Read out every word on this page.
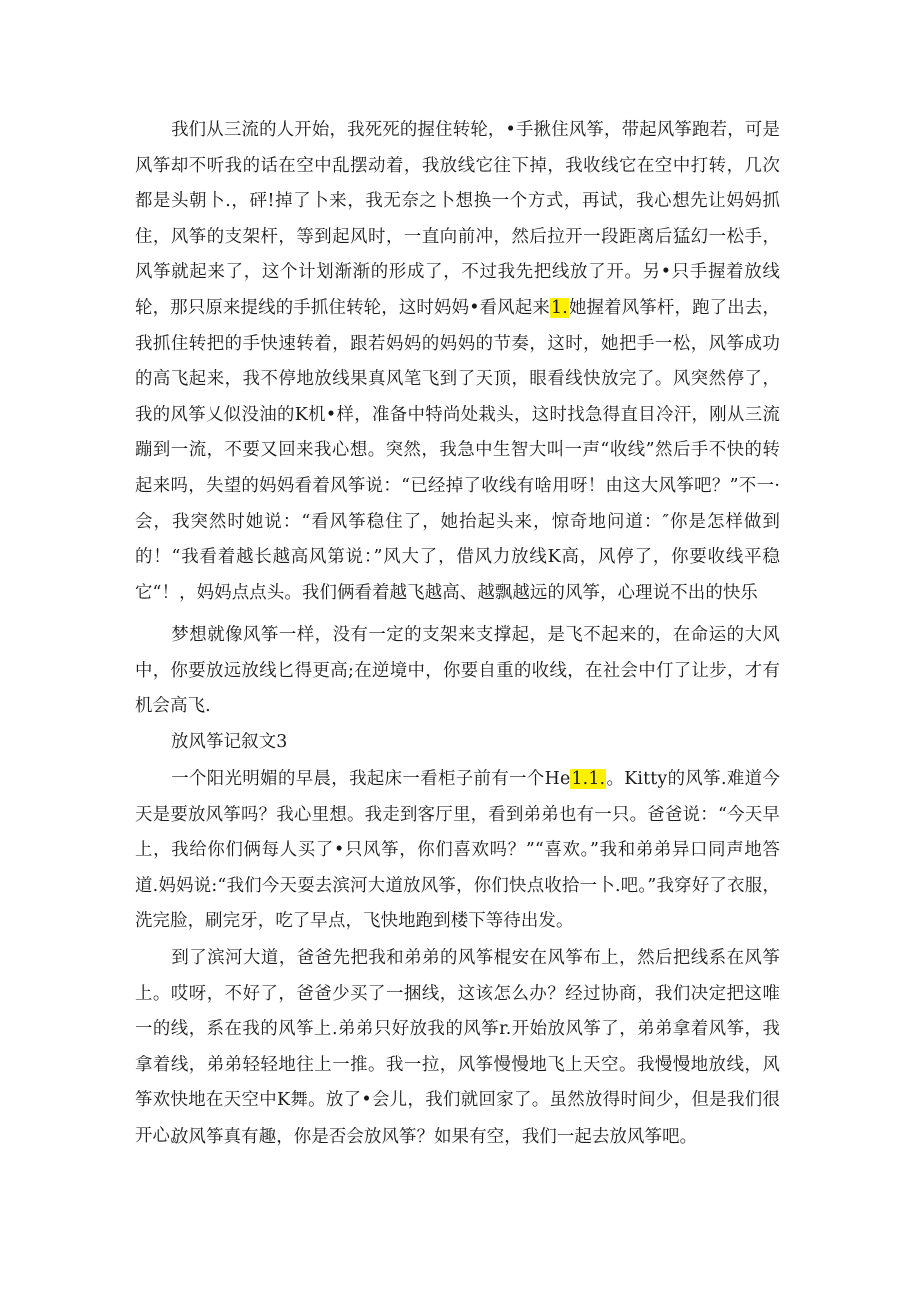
我们从三流的人开始，我死死的握住转轮，•手揪住风筝，带起风筝跑若，可是风筝却不听我的话在空中乱摆动着，我放线它往下掉，我收线它在空中打转，几次都是头朝卜.，砰!掉了卜来，我无奈之卜想换一个方式，再试，我心想先让妈妈抓住，风筝的支架杆，等到起风时，一直向前冲，然后拉开一段距离后猛幻一松手，风筝就起来了，这个计划渐渐的形成了，不过我先把线放了开。另•只手握着放线轮，那只原来提线的手抓住转轮，这时妈妈•看风起来1.她握着风筝杆，跑了出去，我抓住转把的手快速转着，跟若妈妈的妈妈的节奏，这时，她把手一松，风筝成功的高飞起来，我不停地放线果真风笔飞到了天顶，眼看线快放完了。风突然停了，我的风筝乂似没油的K机•样，准备中特尚处栽头，这时找急得直目冷汗，刚从三流蹦到一流，不要又回来我心想。突然，我急中生智大叫一声“收线”然后手不快的转起来吗，失望的妈妈看着风筝说：“已经掉了收线有啥用呀！由这大风筝吧？”不一·会，我突然时她说：“看风筝稳住了，她抬起头来，惊奇地问道：″你是怎样做到的！“我看着越长越高风第说：”风大了，借风力放线K高，风停了，你要收线平稳它“！，妈妈点点头。我们俩看着越飞越高、越飘越远的风筝，心理说不出的快乐

梦想就像风筝一样，没有一定的支架来支撑起，是飞不起来的，在命运的大风中，你要放远放线匕得更高;在逆境中，你要自重的收线，在社会中仃了让步，才有机会高飞.

放风筝记叙文3

一个阳光明媚的早晨，我起床一看柜子前有一个He1.1.。Kitty的风筝.难道今天是要放风筝吗？我心里想。我走到客厅里，看到弟弟也有一只。爸爸说：“今天早上，我给你们俩每人买了•只风筝，你们喜欢吗？”“喜欢。”我和弟弟异口同声地答道.妈妈说:“我们今天耍去滨河大道放风筝，你们快点收拾一卜.吧。”我穿好了衣服，洗完脸，刷完牙，吃了早点，飞快地跑到楼下等待出发。

到了滨河大道，爸爸先把我和弟弟的风筝棍安在风筝布上，然后把线系在风筝上。哎呀，不好了，爸爸少买了一捆线，这该怎么办？经过协商，我们决定把这唯一的线，系在我的风筝上.弟弟只好放我的风筝r.开始放风筝了，弟弟拿着风筝，我拿着线，弟弟轻轻地往上一推。我一拉，风筝慢慢地飞上天空。我慢慢地放线，风筝欢快地在天空中K舞。放了•会儿，我们就回家了。虽然放得时间少，但是我们很开心。

放风筝真有趣，你是否会放风筝？如果有空，我们一起去放风筝吧。
